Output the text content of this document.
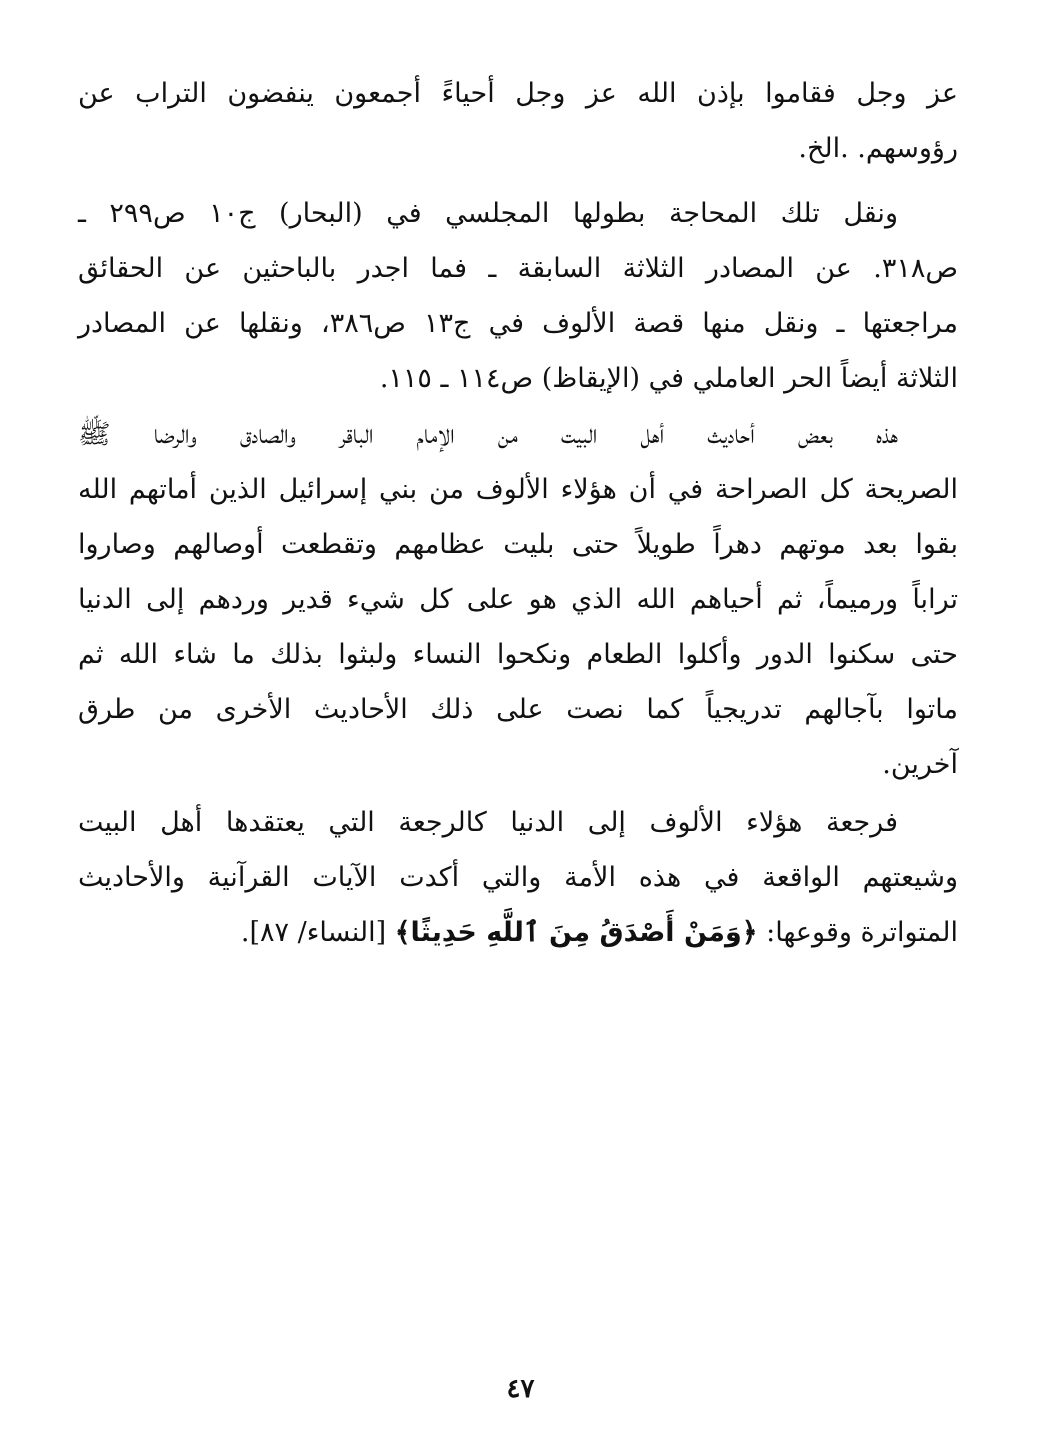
عز وجل فقاموا بإذن الله عز وجل أحياءً أجمعون ينفضون التراب عن
رؤوسهم. .الخ.
ونقل تلك المحاجة بطولها المجلسي في (البحار) ج١٠ ص٢٩٩ ـ
ص٣١٨. عن المصادر الثلاثة السابقة ـ فما اجدر بالباحثين عن الحقائق
مراجعتها ـ ونقل منها قصة الألوف في ج١٣ ص٣٨٦، ونقلها عن المصادر
الثلاثة أيضاً الحر العاملي في (الإيقاظ) ص١١٤ ـ ١١٥.
هذه بعض أحاديث أهل البيت من الإمام الباقر والصادق والرضا ﷺ
الصريحة كل الصراحة في أن هؤلاء الألوف من بني إسرائيل الذين أماتهم الله
بقوا بعد موتهم دهراً طويلاً حتى بليت عظامهم وتقطعت أوصالهم وصاروا
تراباً ورميماً، ثم أحياهم الله الذي هو على كل شيء قدير وردهم إلى الدنيا
حتى سكنوا الدور وأكلوا الطعام ونكحوا النساء ولبثوا بذلك ما شاء الله ثم
ماتوا بآجالهم تدريجياً كما نصت على ذلك الأحاديث الأخرى من طرق
آخرين.
فرجعة هؤلاء الألوف إلى الدنيا كالرجعة التي يعتقدها أهل البيت
وشيعتهم الواقعة في هذه الأمة والتي أكدت الآيات القرآنية والأحاديث
المتواترة وقوعها: ﴿وَمَنْ أَصْدَقُ مِنَ ٱللَّهِ حَدِيثًا﴾ [النساء/ ٨٧].
٤٧
